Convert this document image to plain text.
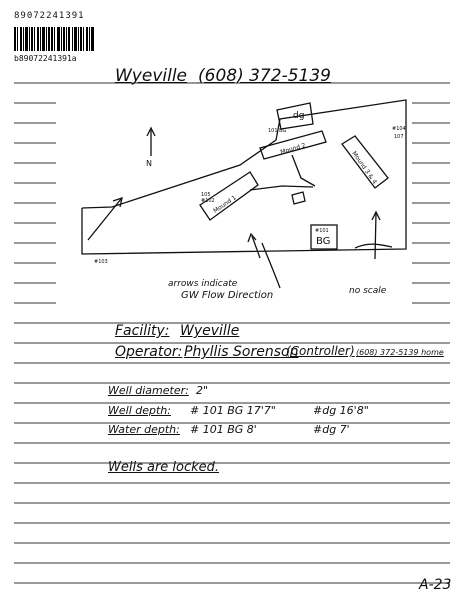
89072241391
b89072241391a
Wyeville (608) 372-5139
N
dg
101 BG
Mound 2
Mound 1
Mound 3 & 4
#104
107
105
#102
#101
BG
#103
arrows indicate
GW Flow Direction	no scale
Facility: Wyeville
Operator: Phyllis Sorenson
(Controller) (608) 372-5139 home
Well diameter: 2"
Well depth: # 101 BG 17'7"	#dg 16'8"
Water depth: # 101 BG 8'	#dg 7'
Wells are locked.
A-23
